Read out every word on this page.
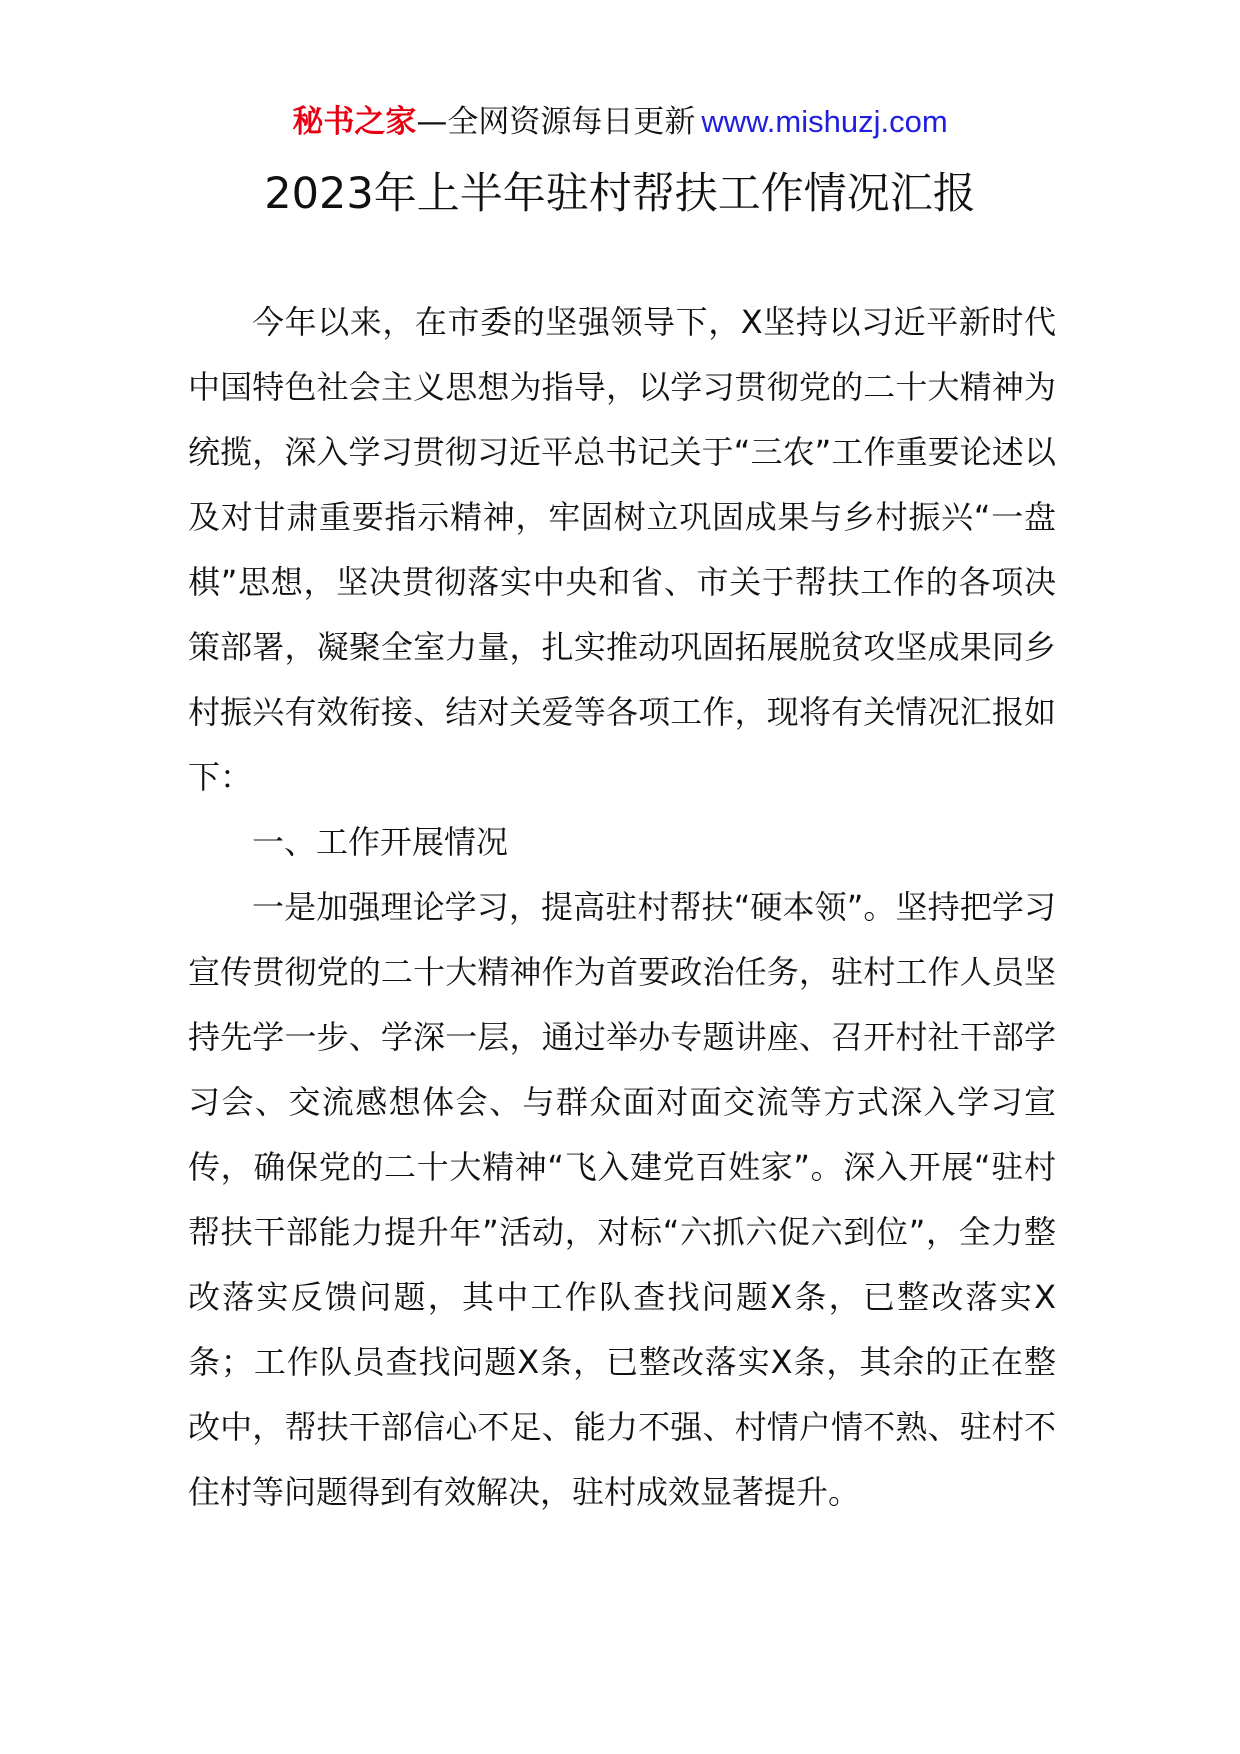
秘书之家—全网资源每日更新 www.mishuzj.com
2023年上半年驻村帮扶工作情况汇报

今年以来，在市委的坚强领导下，X坚持以习近平新时代中国特色社会主义思想为指导，以学习贯彻党的二十大精神为统揽，深入学习贯彻习近平总书记关于“三农”工作重要论述以及对甘肃重要指示精神，牢固树立巩固成果与乡村振兴“一盘棋”思想，坚决贯彻落实中央和省、市关于帮扶工作的各项决策部署，凝聚全室力量，扎实推动巩固拓展脱贫攻坚成果同乡村振兴有效衔接、结对关爱等各项工作，现将有关情况汇报如下：

一、工作开展情况

一是加强理论学习，提高驻村帮扶“硬本领”。坚持把学习宣传贯彻党的二十大精神作为首要政治任务，驻村工作人员坚持先学一步、学深一层，通过举办专题讲座、召开村社干部学习会、交流感想体会、与群众面对面交流等方式深入学习宣传，确保党的二十大精神“飞入建党百姓家”。深入开展“驻村帮扶干部能力提升年”活动，对标“六抓六促六到位”，全力整改落实反馈问题，其中工作队查找问题X条，已整改落实X条；工作队员查找问题X条，已整改落实X条，其余的正在整改中，帮扶干部信心不足、能力不强、村情户情不熟、驻村不住村等问题得到有效解决，驻村成效显著提升。
